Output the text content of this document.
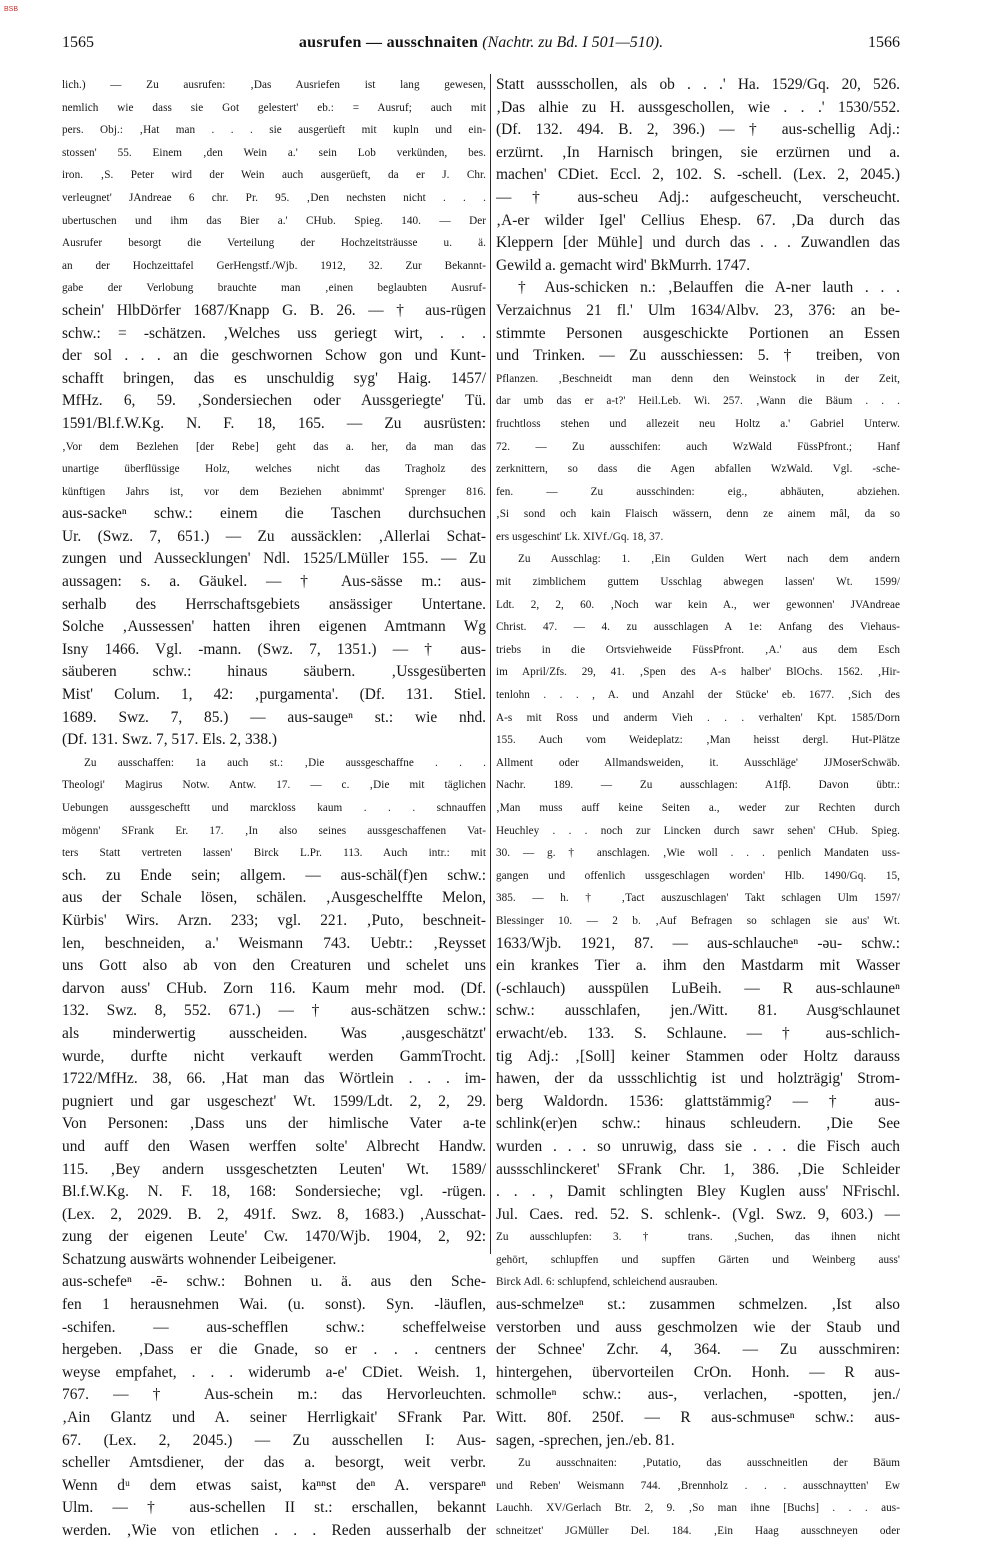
BSB
1565	ausrufen — ausschnaiten (Nachtr. zu Bd. I 501—510).	1566
lich.) — Zu ausrufen: ‚Das Ausriefen ist lang gewesen,
nemlich wie dass sie Got gelestert' eb.: = Ausruf; auch mit
pers. Obj.: ‚Hat man . . . sie ausgerüeft mit kupln und ein-
stossen' 55. Einem ‚den Wein a.' sein Lob verkünden, bes.
iron. ‚S. Peter wird der Wein auch ausgerüeft, da er J. Chr.
verleugnet' JAndreae 6 chr. Pr. 95. ‚Den nechsten nicht . . .
ubertuschen und ihm das Bier a.' CHub. Spieg. 140. — Der
Ausrufer besorgt die Verteilung der Hochzeitsträusse u. ä.
an der Hochzeittafel GerHengstf./Wjb. 1912, 32. Zur Bekannt-
gabe der Verlobung brauchte man ‚einen beglaubten Ausruf-
schein' HlbDörfer 1687/Knapp G. B. 26. — † aus-rügen
schw.: = -schätzen. ‚Welches uss geriegt wirt, . . .
der sol . . . an die geschwornen Schow gon und Kunt-
schafft bringen, das es unschuldig syg' Haig. 1457/
MfHz. 6, 59. ‚Sondersiechen oder Aussgeriegte' Tü.
1591/Bl.f.W.Kg. N. F. 18, 165. — Zu ausrüsten:
‚Vor dem Bezlehen [der Rebe] geht das a. her, da man das
unartige überflüssige Holz, welches nicht das Tragholz des
künftigen Jahrs ist, vor dem Beziehen abnimmt' Sprenger 816.
aus-sackeⁿ schw.: einem die Taschen durchsuchen
Ur. (Swz. 7, 651.) — Zu aussäcklen: ‚Allerlai Schat-
zungen und Aussecklungen' Ndl. 1525/LMüller 155. — Zu
aussagen: s. a. Gäukel. — † Aus-sässe m.: aus-
serhalb des Herrschaftsgebiets ansässiger Untertane.
Solche ‚Aussessen' hatten ihren eigenen Amtmann Wg
Isny 1466. Vgl. -mann. (Swz. 7, 1351.) — † aus-
säuberen schw.: hinaus säubern. ‚Ussgesüberten
Mist' Colum. 1, 42: ‚purgamenta'. (Df. 131. Stiel.
1689. Swz. 7, 85.) — aus-saugeⁿ st.: wie nhd.
(Df. 131. Swz. 7, 517. Els. 2, 338.)
Zu ausschaffen: 1a auch st.: ‚Die aussgeschaffne . . .
Theologi' Magirus Notw. Antw. 17. — c. ‚Die mit täglichen
Uebungen aussgescheftt und marckloss kaum . . . schnauffen
mögenn' SFrank Er. 17. ‚In also seines aussgeschaffenen Vat-
ters Statt vertreten lassen' Birck L.Pr. 113. Auch intr.: mit
sch. zu Ende sein; allgem. — aus-schäl(f)en schw.:
aus der Schale lösen, schälen. ‚Ausgeschelffte Melon,
Kürbis' Wirs. Arzn. 233; vgl. 221. ‚Puto, beschneit-
len, beschneiden, a.' Weismann 743. Uebtr.: ‚Reysset
uns Gott also ab von den Creaturen und schelet uns
darvon auss' CHub. Zorn 116. Kaum mehr mod. (Df.
132. Swz. 8, 552. 671.) — † aus-schätzen schw.:
als minderwertig ausscheiden. Was ‚ausgeschätzt'
wurde, durfte nicht verkauft werden GammTrocht.
1722/MfHz. 38, 66. ‚Hat man das Wörtlein . . . im-
pugniert und gar usgeschezt' Wt. 1599/Ldt. 2, 2, 29.
Von Personen: ‚Dass uns der himlische Vater a-te
und auff den Wasen werffen solte' Albrecht Handw.
115. ‚Bey andern ussgeschetzten Leuten' Wt. 1589/
Bl.f.W.Kg. N. F. 18, 168: Sondersieche; vgl. -rügen.
(Lex. 2, 2029. B. 2, 491f. Swz. 8, 1683.) ‚Ausschat-
zung der eigenen Leute' Cw. 1470/Wjb. 1904, 2, 92:
Schatzung auswärts wohnender Leibeigener.
aus-schefeⁿ -ē- schw.: Bohnen u. ä. aus den Sche-
fen 1 herausnehmen Wai. (u. sonst). Syn. -läuflen,
-schifen. — aus-schefflen schw.: scheffelweise
hergeben. ‚Dass er die Gnade, so er . . . centners
weyse empfahet, . . . widerumb a-e' CDiet. Weish. 1,
767. — † Aus-schein m.: das Hervorleuchten.
‚Ain Glantz und A. seiner Herrligkait' SFrank Par.
67. (Lex. 2, 2045.) — Zu ausschellen I: Aus-
scheller Amtsdiener, der das a. besorgt, weit verbr.
Wenn dᵘ dem etwas saist, kaⁿⁿst deⁿ A. verspareⁿ
Ulm. — † aus-schellen II st.: erschallen, bekannt
werden. ‚Wie von etlichen . . . Reden ausserhalb der
Statt aussschollen, als ob . . .' Ha. 1529/Gq. 20, 526.
‚Das alhie zu H. aussgeschollen, wie . . .' 1530/552.
(Df. 132. 494. B. 2, 396.) — † aus-schellig Adj.:
erzürnt. ‚In Harnisch bringen, sie erzürnen und a.
machen' CDiet. Eccl. 2, 102. S. -schell. (Lex. 2, 2045.)
— † aus-scheu Adj.: aufgescheucht, verscheucht.
‚A-er wilder Igel' Cellius Ehesp. 67. ‚Da durch das
Kleppern [der Mühle] und durch das . . . Zuwandlen das
Gewild a. gemacht wird' BkMurrh. 1747.
† Aus-schicken n.: ‚Belauffen die A-ner lauth . . .
Verzaichnus 21 fl.' Ulm 1634/Albv. 23, 376: an be-
stimmte Personen ausgeschickte Portionen an Essen
und Trinken. — Zu ausschiessen: 5. † treiben, von
Pflanzen. ‚Beschneidt man denn den Weinstock in der Zeit,
dar umb das er a-t?' Heil.Leb. Wi. 257. ‚Wann die Bäum . . .
fruchtloss stehen und allezeit neu Holtz a.' Gabriel Unterw.
72. — Zu ausschifen: auch WzWald FüssPfront.; Hanf
zerknittern, so dass die Agen abfallen WzWald. Vgl. -sche-
fen. — Zu ausschinden: eig., abhäuten, abziehen.
‚Si sond och kain Flaisch wässern, denn ze ainem mâl, da so
ers usgeschint' Lk. XIVf./Gq. 18, 37.
Zu Ausschlag: 1. ‚Ein Gulden Wert nach dem andern
mit zimblichem guttem Usschlag abwegen lassen' Wt. 1599/
Ldt. 2, 2, 60. ‚Noch war kein A., wer gewonnen' JVAndreae
Christ. 47. — 4. zu ausschlagen A 1e: Anfang des Viehaus-
triebs in die Ortsviehweide FüssPfront. ‚A.' aus dem Esch
im April/Zfs. 29, 41. ‚Spen des A-s halber' BlOchs. 1562. ‚Hir-
tenlohn . . . , A. und Anzahl der Stücke' eb. 1677. ‚Sich des
A-s mit Ross und anderm Vieh . . . verhalten' Kpt. 1585/Dorn
155. Auch vom Weideplatz: ‚Man heisst dergl. Hut-Plätze
Allment oder Allmandsweiden, it. Ausschläge' JJMoserSchwäb.
Nachr. 189. — Zu ausschlagen: A1fβ. Davon übtr.:
‚Man muss auff keine Seiten a., weder zur Rechten durch
Heuchley . . . noch zur Lincken durch sawr sehen' CHub. Spieg.
30. — g. † anschlagen. ‚Wie woll . . . penlich Mandaten uss-
gangen und offenlich ussgeschlagen worden' Hlb. 1490/Gq. 15,
385. — h. † ‚Tact auszuschlagen' Takt schlagen Ulm 1597/
Blessinger 10. — 2 b. ‚Auf Befragen so schlagen sie aus' Wt.
1633/Wjb. 1921, 87. — aus-schlaucheⁿ -əu- schw.:
ein krankes Tier a. ihm den Mastdarm mit Wasser
(-schlauch) ausspülen LuBeih. — R aus-schlauneⁿ
schw.: ausschlafen, jen./Witt. 81. Ausgˢschlaunet
erwacht/eb. 133. S. Schlaune. — † aus-schlich-
tig Adj.: ‚[Soll] keiner Stammen oder Holtz darauss
hawen, der da ussschlichtig ist und holzträgig' Strom-
berg Waldordn. 1536: glattstämmig? — † aus-
schlink(er)en schw.: hinaus schleudern. ‚Die See
wurden . . . so unruwig, dass sie . . . die Fisch auch
aussschlinckeret' SFrank Chr. 1, 386. ‚Die Schleider
. . . , Damit schlingten Bley Kuglen auss' NFrischl.
Jul. Caes. red. 52. S. schlenk-. (Vgl. Swz. 9, 603.) —
Zu ausschlupfen: 3. † trans. ‚Suchen, das ihnen nicht
gehört, schlupffen und supffen Gärten und Weinberg auss'
Birck Adl. 6: schlupfend, schleichend ausrauben.
aus-schmelzeⁿ st.: zusammen schmelzen. ‚Ist also
verstorben und auss geschmolzen wie der Staub und
der Schnee' Zchr. 4, 364. — Zu ausschmiren:
hintergehen, übervorteilen CrOn. Honh. — R aus-
schmolleⁿ schw.: aus-, verlachen, -spotten, jen./
Witt. 80f. 250f. — R aus-schmuseⁿ schw.: aus-
sagen, -sprechen, jen./eb. 81.
Zu ausschnaiten: ‚Putatio, das ausschneitlen der Bäum
und Reben' Weismann 744. ‚Brennholz . . . ausschnaytten' Ew
Lauchh. XV/Gerlach Btr. 2, 9. ‚So man ihne [Buchs] . . . aus-
schneitzet' JGMüller Del. 184. ‚Ein Haag ausschneyen oder
